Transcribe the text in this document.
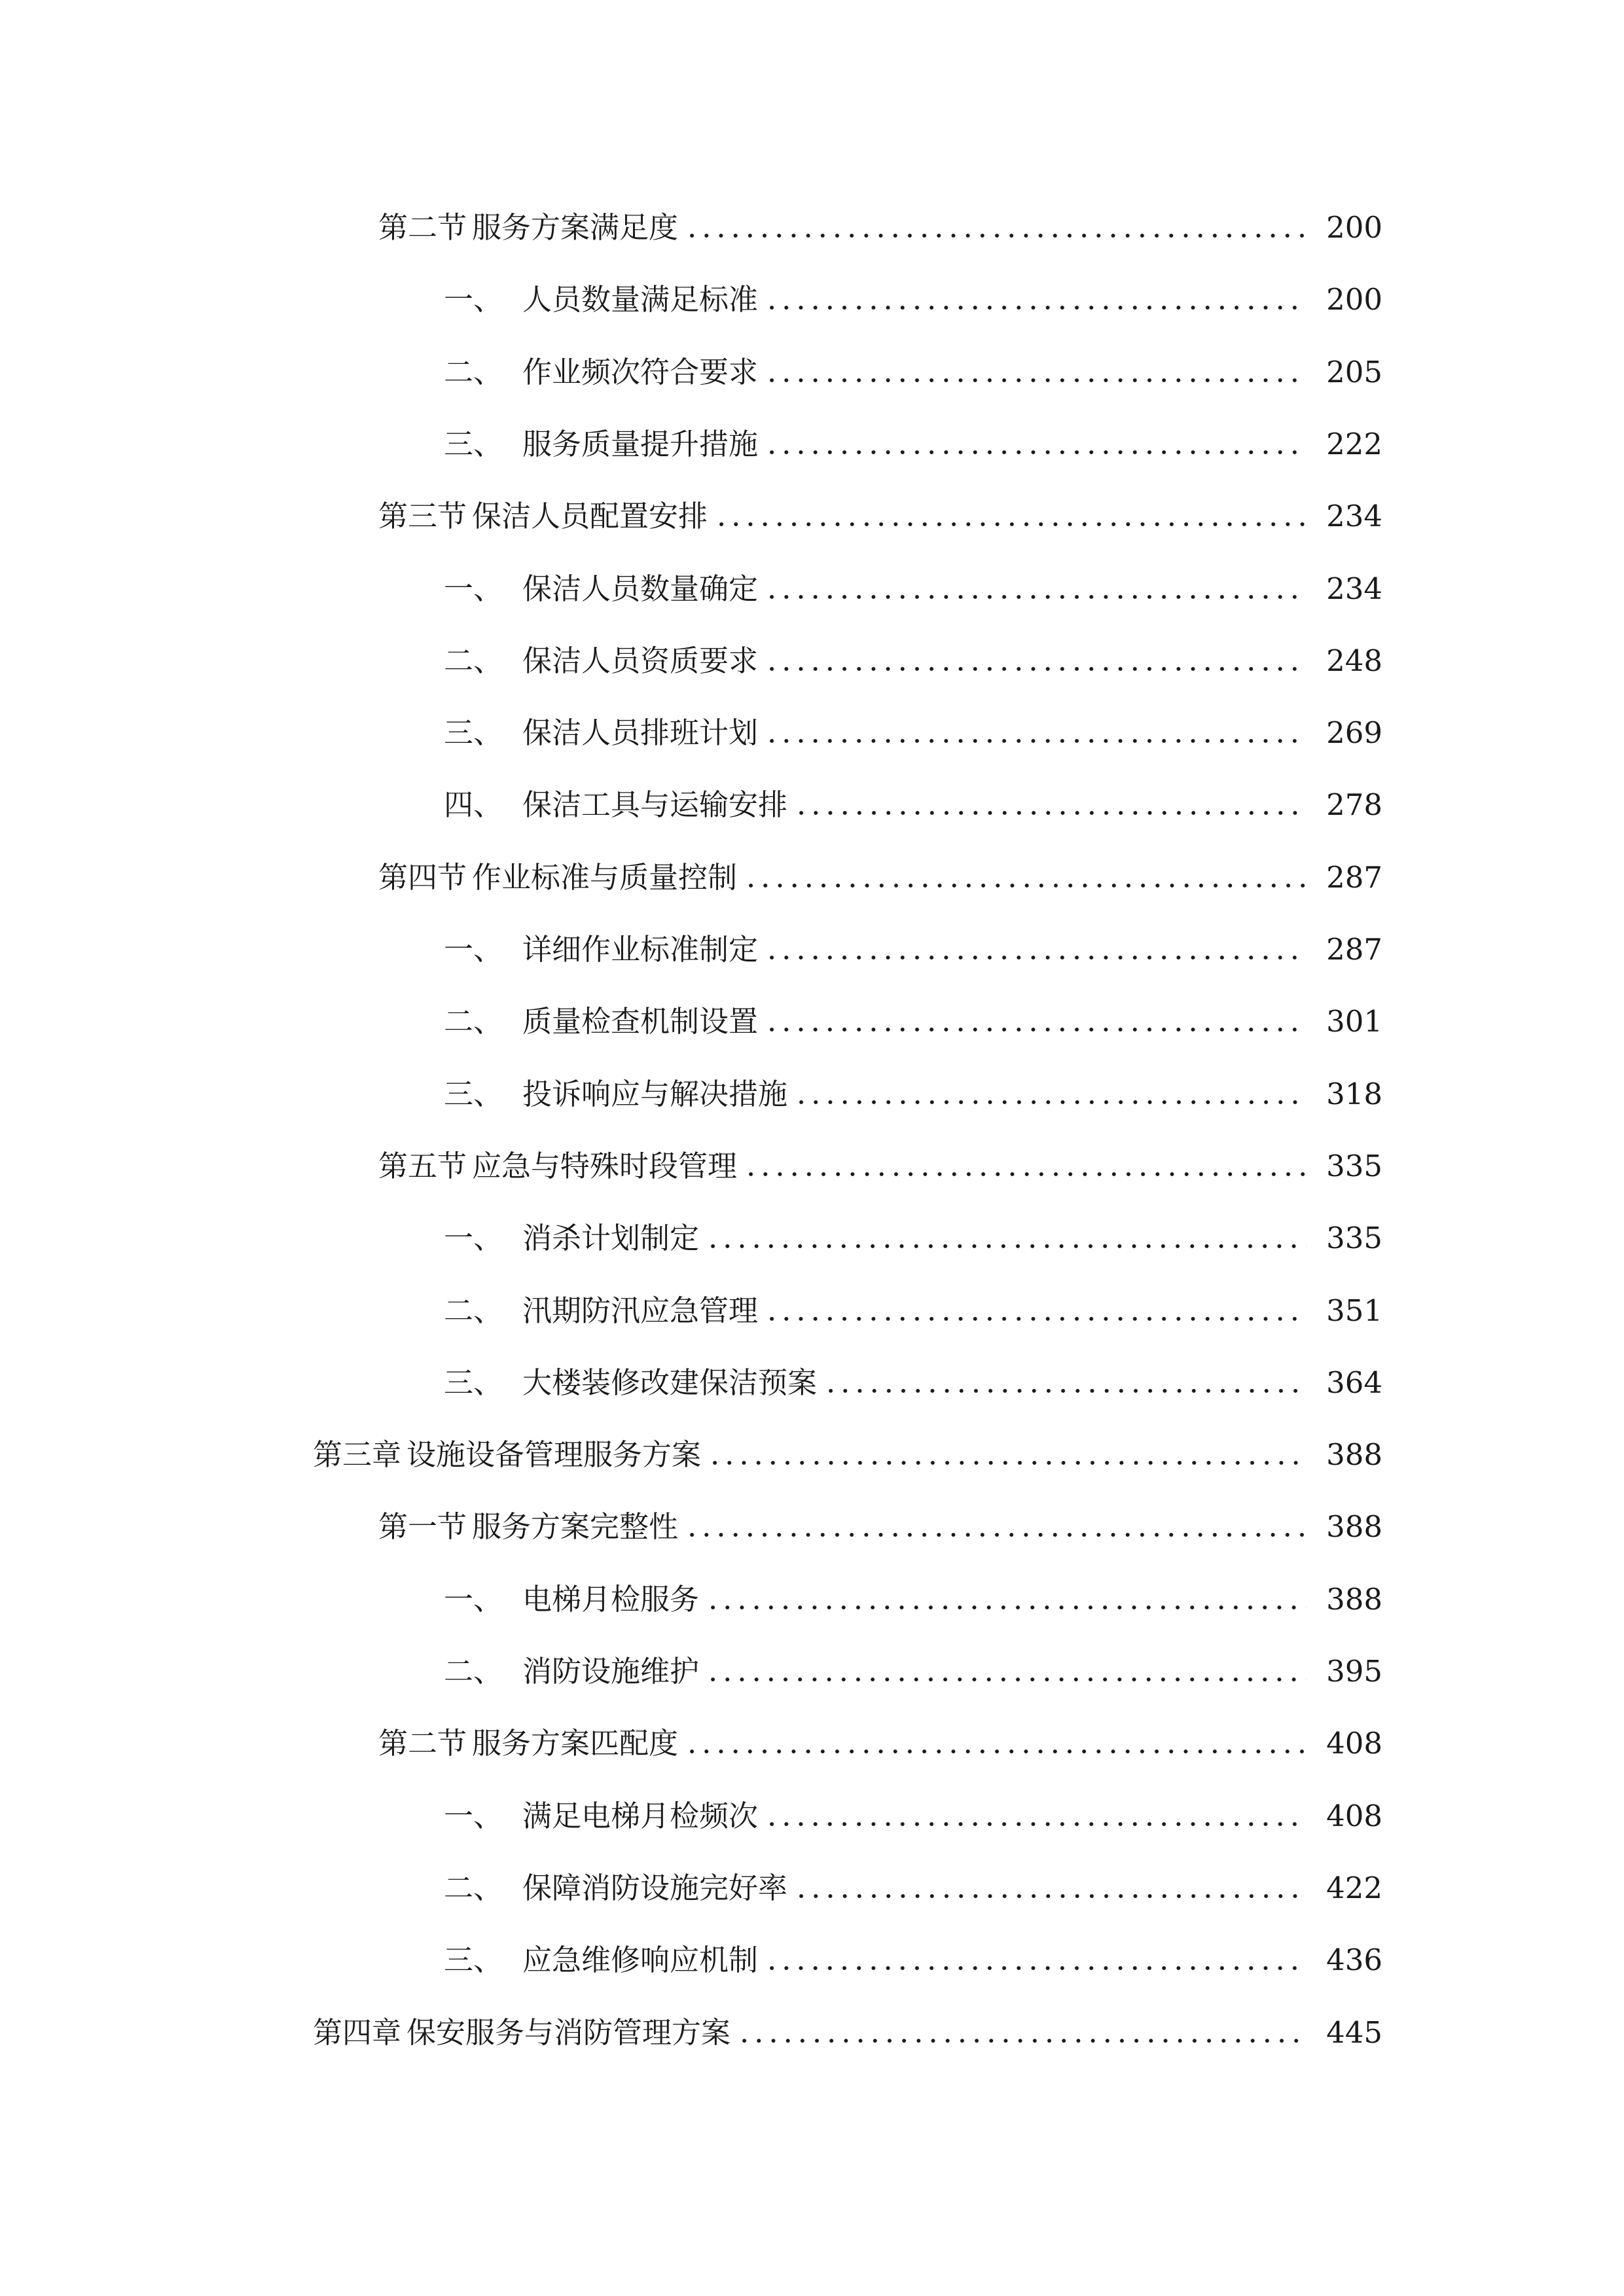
第二节 服务方案满足度	200
一、 人员数量满足标准	200
二、 作业频次符合要求	205
三、 服务质量提升措施	222
第三节 保洁人员配置安排	234
一、 保洁人员数量确定	234
二、 保洁人员资质要求	248
三、 保洁人员排班计划	269
四、 保洁工具与运输安排	278
第四节 作业标准与质量控制	287
一、 详细作业标准制定	287
二、 质量检查机制设置	301
三、 投诉响应与解决措施	318
第五节 应急与特殊时段管理	335
一、 消杀计划制定	335
二、 汛期防汛应急管理	351
三、 大楼装修改建保洁预案	364
第三章 设施设备管理服务方案	388
第一节 服务方案完整性	388
一、 电梯月检服务	388
二、 消防设施维护	395
第二节 服务方案匹配度	408
一、 满足电梯月检频次	408
二、 保障消防设施完好率	422
三、 应急维修响应机制	436
第四章 保安服务与消防管理方案	445
